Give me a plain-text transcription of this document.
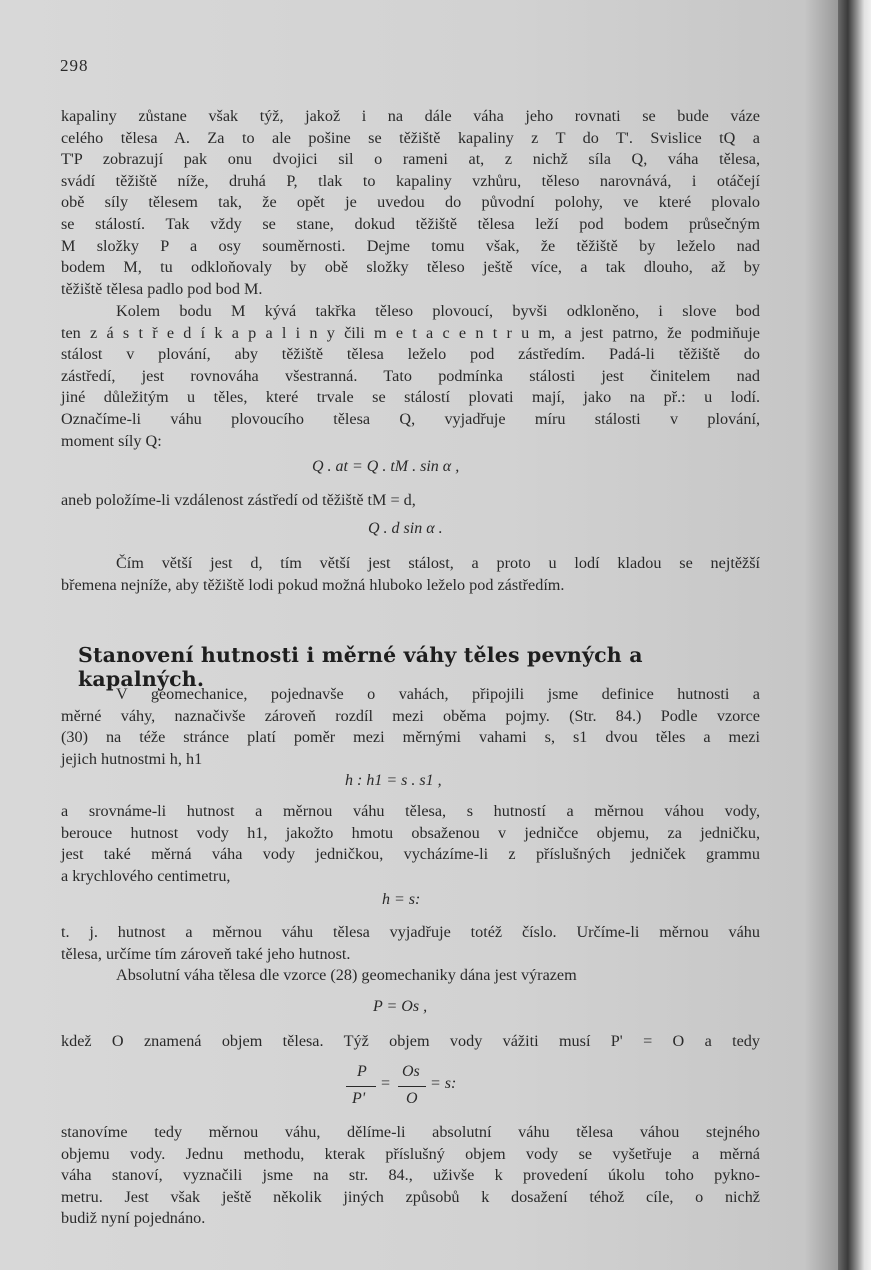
298
kapaliny zůstane však týž, jakož i na dále váha jeho rovnati se bude váze
celého tělesa A. Za to ale pošine se těžiště kapaliny z T do T'. Svislice tQ a
T'P zobrazují pak onu dvojici sil o rameni at, z nichž síla Q, váha tělesa,
svádí těžiště níže, druhá P, tlak to kapaliny vzhůru, těleso narovnává, i otáčejí
obě síly tělesem tak, že opět je uvedou do původní polohy, ve které plovalo
se stálostí. Tak vždy se stane, dokud těžiště tělesa leží pod bodem průsečným
M složky P a osy souměrnosti. Dejme tomu však, že těžiště by leželo nad
bodem M, tu odkloňovaly by obě složky těleso ještě více, a tak dlouho, až by
těžiště tělesa padlo pod bod M.
Kolem bodu M kývá takřka těleso plovoucí, byvši odkloněno, i slove bod
ten z á s t ř e d í k a p a l i n y čili m e t a c e n t r u m, a jest patrno, že podmiňuje
stálost v plování, aby těžiště tělesa leželo pod zástředím. Padá-li těžiště do
zástředí, jest rovnováha všestranná. Tato podmínka stálosti jest činitelem nad
jiné důležitým u těles, které trvale se stálostí plovati mají, jako na př.: u lodí.
Označíme-li váhu plovoucího tělesa Q, vyjadřuje míru stálosti v plování,
moment síly Q:
Q . at = Q . tM . sin α ,
aneb položíme-li vzdálenost zástředí od těžiště tM = d,
Q . d sin α .
Čím větší jest d, tím větší jest stálost, a proto u lodí kladou se nejtěžší
břemena nejníže, aby těžiště lodi pokud možná hluboko leželo pod zástředím.
Stanovení hutnosti i měrné váhy těles pevných a kapalných.
V geomechanice, pojednavše o vahách, připojili jsme definice hutnosti a
měrné váhy, naznačivše zároveň rozdíl mezi oběma pojmy. (Str. 84.) Podle vzorce
(30) na téže stránce platí poměr mezi měrnými vahami s, s1 dvou těles a mezi
jejich hutnostmi h, h1
h : h1 = s . s1 ,
a srovnáme-li hutnost a měrnou váhu tělesa, s hutností a měrnou váhou vody,
berouce hutnost vody h1, jakožto hmotu obsaženou v jedničce objemu, za jedničku,
jest také měrná váha vody jedničkou, vycházíme-li z příslušných jedniček grammu
a krychlového centimetru,
h = s:
t. j. hutnost a měrnou váhu tělesa vyjadřuje totéž číslo. Určíme-li měrnou váhu
tělesa, určíme tím zároveň také jeho hutnost.
Absolutní váha tělesa dle vzorce (28) geomechaniky dána jest výrazem
P = Os ,
kdež O znamená objem tělesa. Týž objem vody vážiti musí P' = O a tedy
P
P'
=
Os
O
= s:
stanovíme tedy měrnou váhu, dělíme-li absolutní váhu tělesa váhou stejného
objemu vody. Jednu methodu, kterak příslušný objem vody se vyšetřuje a měrná
váha stanoví, vyznačili jsme na str. 84., uživše k provedení úkolu toho pykno-
metru. Jest však ještě několik jiných způsobů k dosažení téhož cíle, o nichž
budiž nyní pojednáno.
